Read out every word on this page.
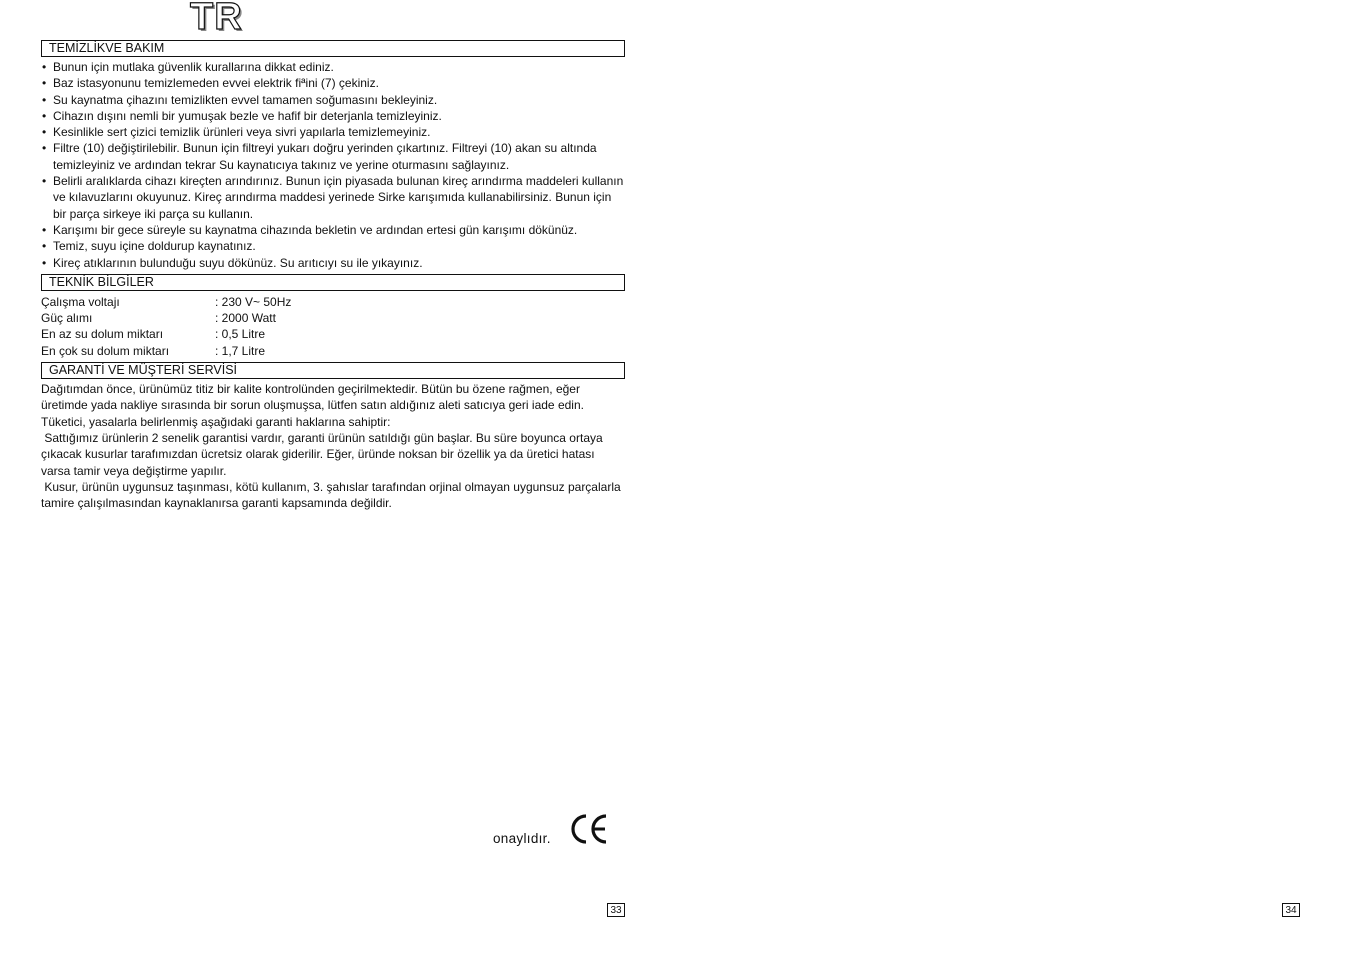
TR
TEMİZLİKVE BAKIM
• Bunun için mutlaka güvenlik kurallarına dikkat ediniz.
• Baz istasyonunu temizlemeden evvei elektrik fiªini (7) çekiniz.
• Su kaynatma çihazını temizlikten evvel tamamen soğumasını bekleyiniz.
• Cihazın dışını nemli bir yumuşak bezle ve hafif bir deterjanla temizleyiniz.
• Kesinlikle sert çizici temizlik ürünleri veya sivri yapılarla temizlemeyiniz.
• Filtre (10) değiştirilebilir. Bunun için filtreyi yukarı doğru yerinden çıkartınız. Filtreyi (10) akan su altında temizleyiniz ve ardından tekrar Su kaynatıcıya takınız ve yerine oturmasını sağlayınız.
• Belirli aralıklarda cihazı kireçten arındırınız. Bunun için piyasada bulunan kireç arındırma maddeleri kullanın ve kılavuzlarını okuyunuz. Kireç arındırma maddesi yerinede Sirke karışımıda kullanabilirsiniz. Bunun için bir parça sirkeye iki parça su kullanın.
• Karışımı bir gece süreyle su kaynatma cihazında bekletin ve ardından ertesi gün karışımı dökünüz.
• Temiz, suyu içine doldurup kaynatınız.
• Kireç atıklarının bulunduğu suyu dökünüz. Su arıtıcıyı su ile yıkayınız.
TEKNİK BİLGİLER
Çalışma voltajı	: 230 V~ 50Hz
Güç alımı	: 2000 Watt
En az su dolum miktarı	: 0,5 Litre
En çok su dolum miktarı	: 1,7 Litre
GARANTİ VE MÜŞTERİ SERVİSİ

Dağıtımdan önce, ürünümüz titiz bir kalite kontrolünden geçirilmektedir. Bütün bu özene rağmen, eğer üretimde yada nakliye sırasında bir sorun oluşmuşsa, lütfen satın aldığınız aleti satıcıya geri iade edin. Tüketici, yasalarla belirlenmiş aşağıdaki garanti haklarına sahiptir:

Sattığımız ürünlerin 2 senelik garantisi vardır, garanti ürünün satıldığı gün başlar. Bu süre boyunca ortaya çıkacak kusurlar tarafımızdan ücretsiz olarak giderilir. Eğer, üründe noksan bir özellik ya da üretici hatası varsa tamir veya değiştirme yapılır.

Kusur, ürünün uygunsuz taşınması, kötü kullanım, 3. şahıslar tarafından orjinal olmayan uygunsuz parçalarla tamire çalışılmasından kaynaklanırsa garanti kapsamında değildir.

onaylıdır.
33	34
